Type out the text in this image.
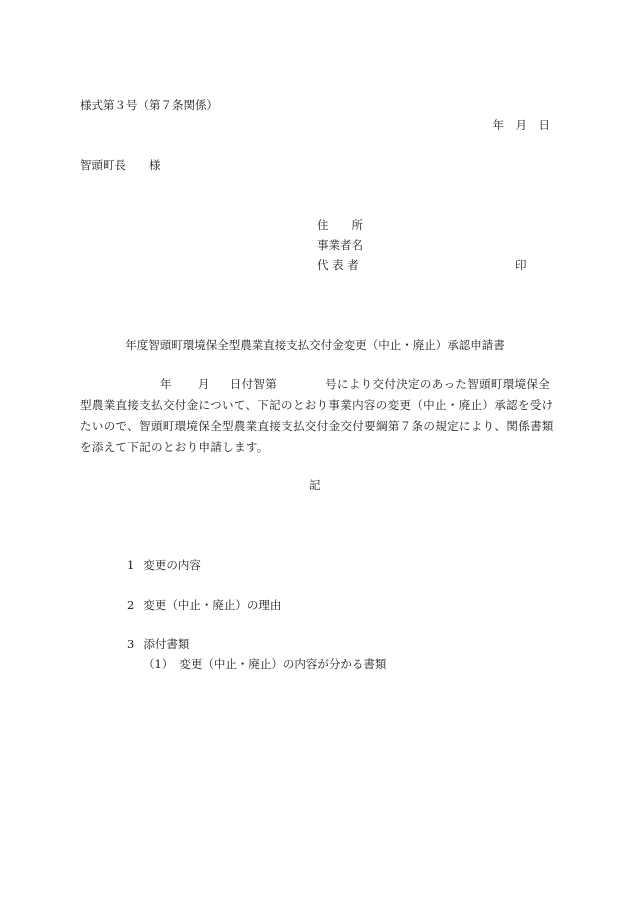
様式第３号（第７条関係）

年　月　日

智頭町長　　様

住　　所

事業者名

代 表 者	印

年度智頭町環境保全型農業直接支払交付金変更（中止・廃止）承認申請書

年 月 日付智第	号により交付決定のあった智頭町環境保全
型農業直接支払交付金について、下記のとおり事業内容の変更（中止・廃止）承認を受け
たいので、智頭町環境保全型農業直接支払交付金交付要綱第７条の規定により、関係書類
を添えて下記のとおり申請します。

記

1 変更の内容

2 変更（中止・廃止）の理由

3 添付書類

（1） 変更（中止・廃止）の内容が分かる書類
